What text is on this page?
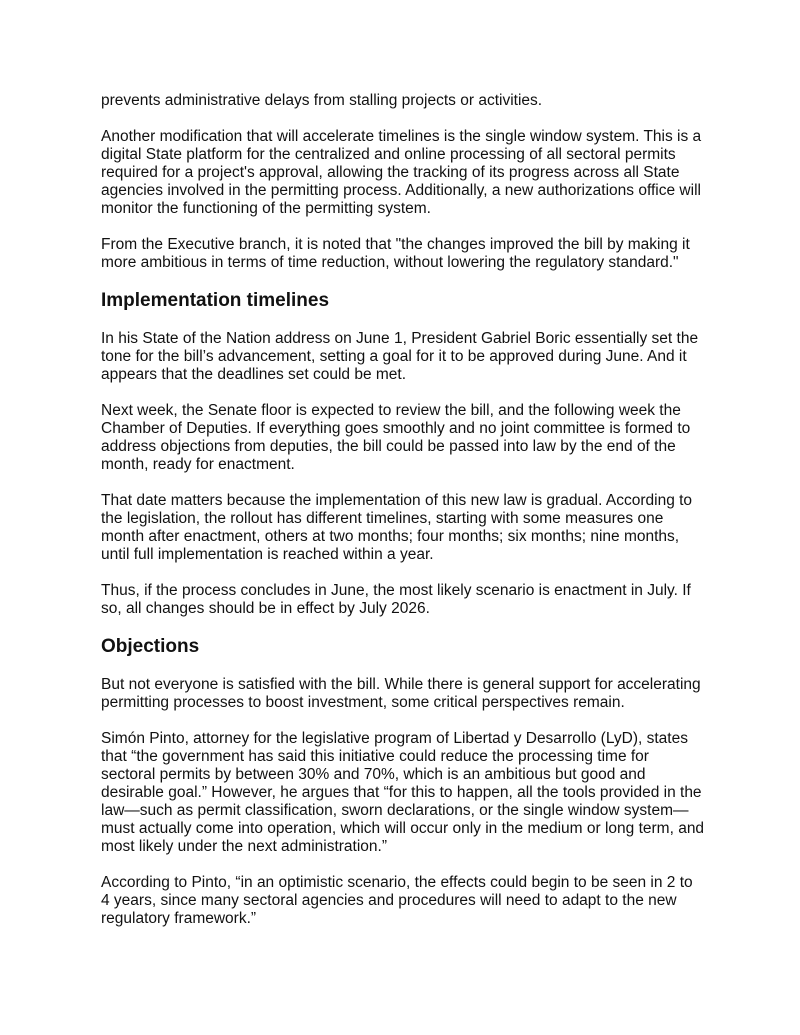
prevents administrative delays from stalling projects or activities.

Another modification that will accelerate timelines is the single window system. This is a
digital State platform for the centralized and online processing of all sectoral permits
required for a project's approval, allowing the tracking of its progress across all State
agencies involved in the permitting process. Additionally, a new authorizations office will
monitor the functioning of the permitting system.

From the Executive branch, it is noted that "the changes improved the bill by making it
more ambitious in terms of time reduction, without lowering the regulatory standard."

Implementation timelines

In his State of the Nation address on June 1, President Gabriel Boric essentially set the
tone for the bill’s advancement, setting a goal for it to be approved during June. And it
appears that the deadlines set could be met.

Next week, the Senate floor is expected to review the bill, and the following week the
Chamber of Deputies. If everything goes smoothly and no joint committee is formed to
address objections from deputies, the bill could be passed into law by the end of the
month, ready for enactment.

That date matters because the implementation of this new law is gradual. According to
the legislation, the rollout has different timelines, starting with some measures one
month after enactment, others at two months; four months; six months; nine months,
until full implementation is reached within a year.

Thus, if the process concludes in June, the most likely scenario is enactment in July. If
so, all changes should be in effect by July 2026.

Objections

But not everyone is satisfied with the bill. While there is general support for accelerating
permitting processes to boost investment, some critical perspectives remain.

Simón Pinto, attorney for the legislative program of Libertad y Desarrollo (LyD), states
that “the government has said this initiative could reduce the processing time for
sectoral permits by between 30% and 70%, which is an ambitious but good and
desirable goal.” However, he argues that “for this to happen, all the tools provided in the
law—such as permit classification, sworn declarations, or the single window system—
must actually come into operation, which will occur only in the medium or long term, and
most likely under the next administration.”

According to Pinto, “in an optimistic scenario, the effects could begin to be seen in 2 to
4 years, since many sectoral agencies and procedures will need to adapt to the new
regulatory framework.”
